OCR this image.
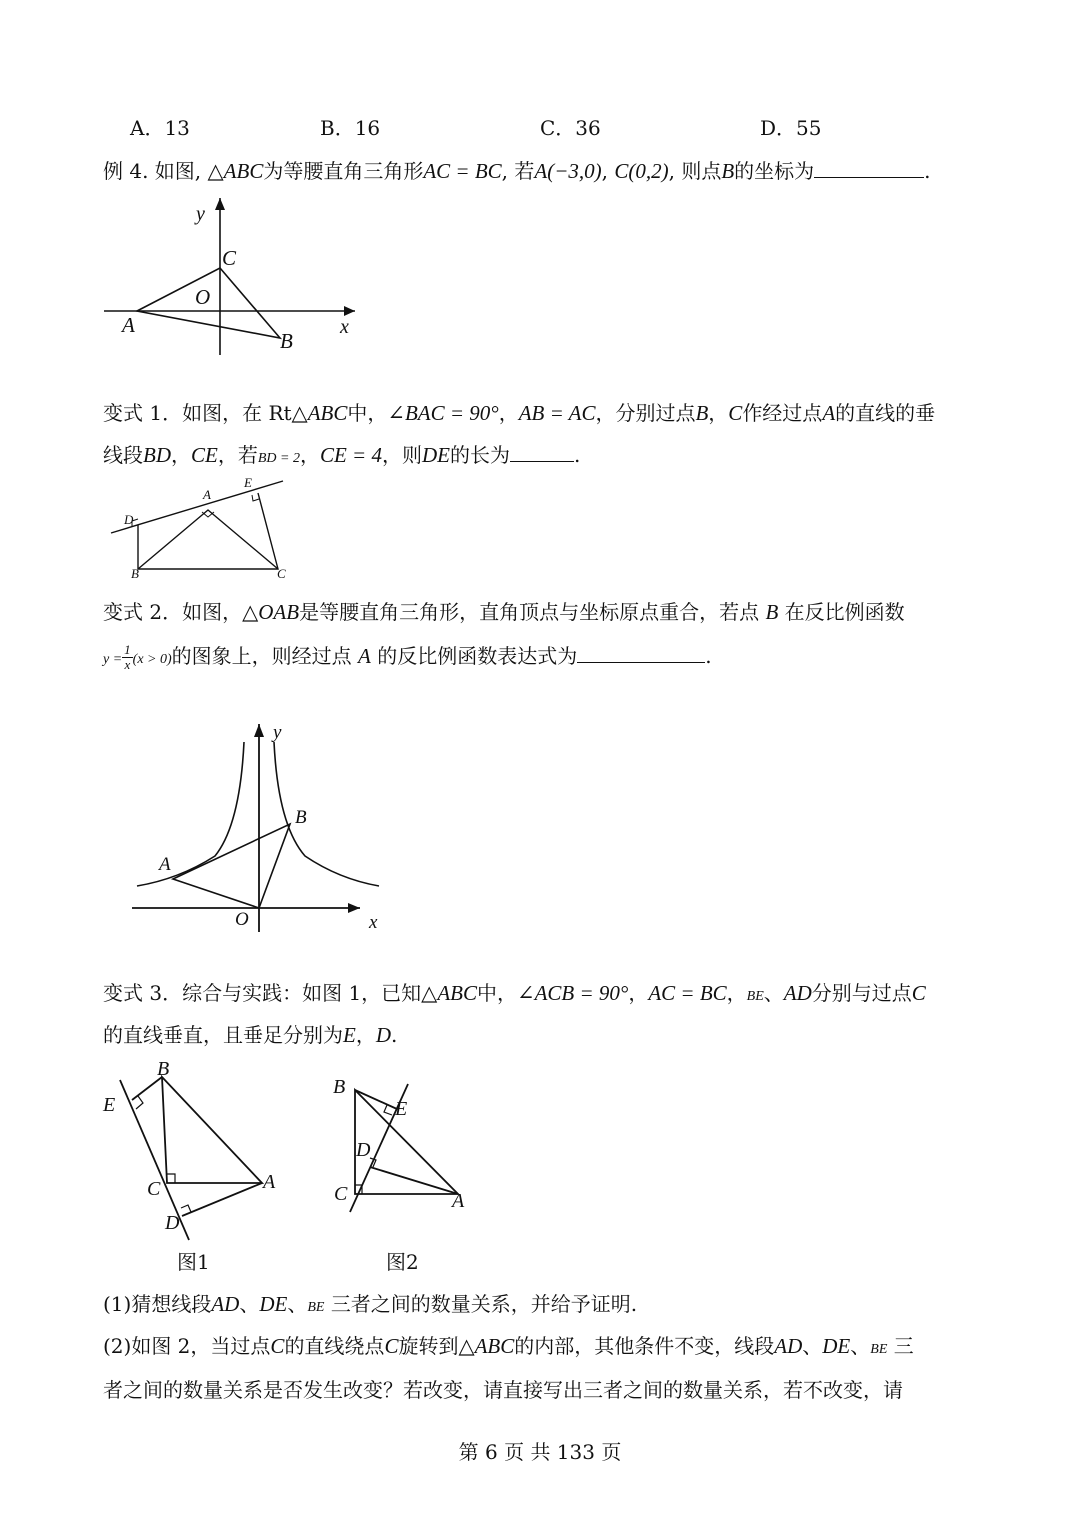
A．13	B．16	C．36	D．55
例 4. 如图, △ABC为等腰直角三角形AC = BC, 若A(−3,0), C(0,2), 则点B的坐标为	.
y
x
C
O
A
B
变式 1．如图，在 Rt△ABC中，∠BAC = 90°，AB = AC，分别过点B，C作经过点A的直线的垂
线段BD，CE，若BD = 2，CE = 4，则DE的长为	.
D
A
E
B	C
变式 2．如图，△OAB是等腰直角三角形，直角顶点与坐标原点重合，若点 B 在反比例函数
$y = \frac{1}{x} (x > 0)$的图象上，则经过点 A 的反比例函数表达式为	.
y
x
O
A
B
变式 3．综合与实践：如图 1，已知△ABC中，∠ACB = 90°，AC = BC，BE、AD分别与过点C
的直线垂直，且垂足分别为E，D.
B
E
C	A
D
图1
B
E
D
C	A
图2
(1)猜想线段AD、DE、BE 三者之间的数量关系，并给予证明.
(2)如图 2，当过点C的直线绕点C旋转到△ABC的内部，其他条件不变，线段AD、DE、BE 三
者之间的数量关系是否发生改变？若改变，请直接写出三者之间的数量关系，若不改变，请
第 6 页 共 133 页
